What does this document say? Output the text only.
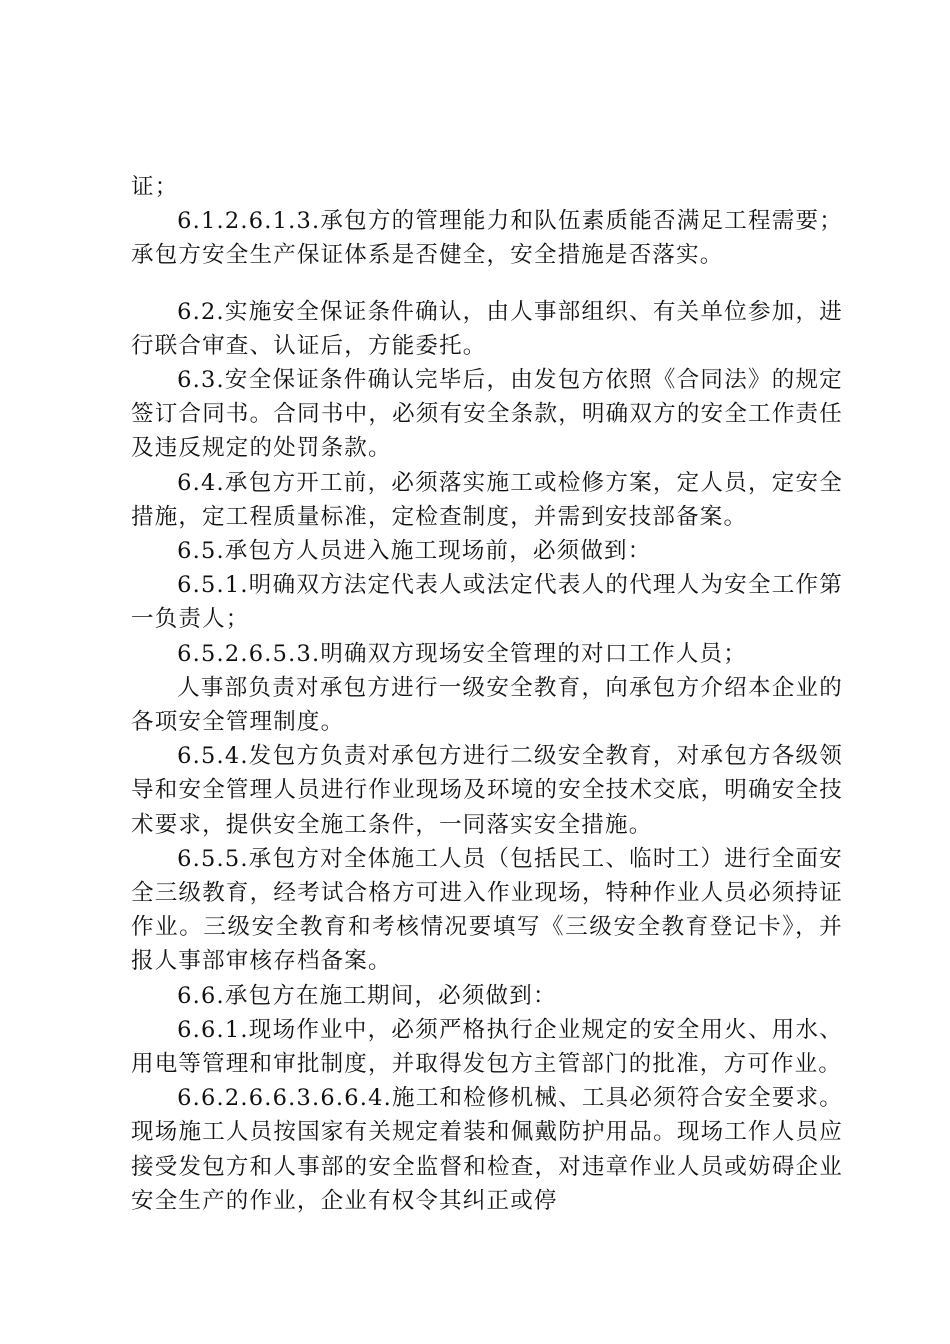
证；

6.1.2.6.1.3.承包方的管理能力和队伍素质能否满足工程需要；承包方安全生产保证体系是否健全，安全措施是否落实。

6.2.实施安全保证条件确认，由人事部组织、有关单位参加，进行联合审查、认证后，方能委托。

6.3.安全保证条件确认完毕后，由发包方依照《合同法》的规定签订合同书。合同书中，必须有安全条款，明确双方的安全工作责任及违反规定的处罚条款。

6.4.承包方开工前，必须落实施工或检修方案，定人员，定安全措施，定工程质量标准，定检查制度，并需到安技部备案。

6.5.承包方人员进入施工现场前，必须做到：

6.5.1.明确双方法定代表人或法定代表人的代理人为安全工作第一负责人；

6.5.2.6.5.3.明确双方现场安全管理的对口工作人员；

人事部负责对承包方进行一级安全教育，向承包方介绍本企业的各项安全管理制度。

6.5.4.发包方负责对承包方进行二级安全教育，对承包方各级领导和安全管理人员进行作业现场及环境的安全技术交底，明确安全技术要求，提供安全施工条件，一同落实安全措施。

6.5.5.承包方对全体施工人员（包括民工、临时工）进行全面安全三级教育，经考试合格方可进入作业现场，特种作业人员必须持证作业。三级安全教育和考核情况要填写《三级安全教育登记卡》，并报人事部审核存档备案。

6.6.承包方在施工期间，必须做到：

6.6.1.现场作业中，必须严格执行企业规定的安全用火、用水、用电等管理和审批制度，并取得发包方主管部门的批准，方可作业。

6.6.2.6.6.3.6.6.4.施工和检修机械、工具必须符合安全要求。现场施工人员按国家有关规定着装和佩戴防护用品。现场工作人员应接受发包方和人事部的安全监督和检查，对违章作业人员或妨碍企业安全生产的作业，企业有权令其纠正或停
